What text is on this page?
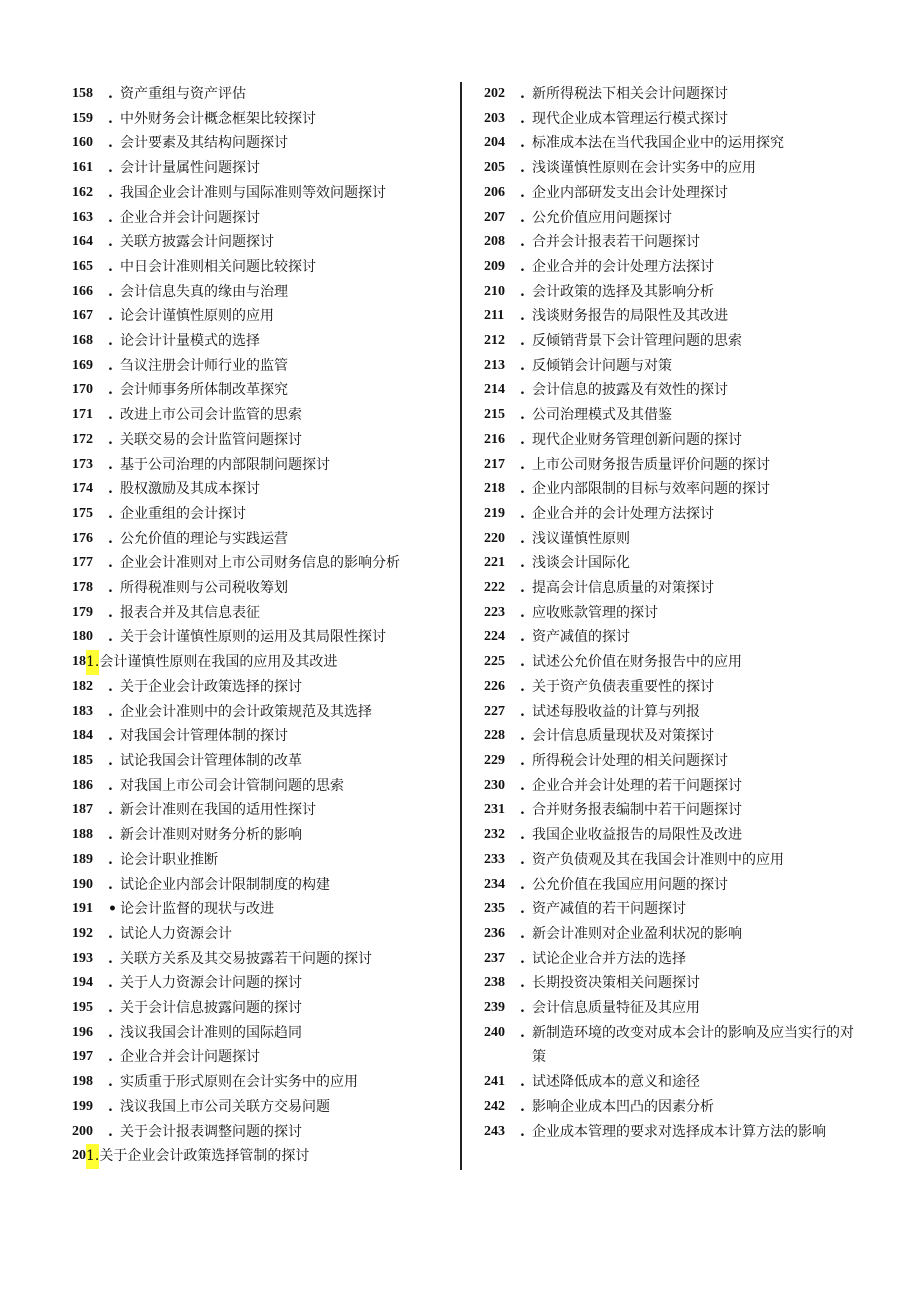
158	. 资产重组与资产评估
159	. 中外财务会计概念框架比较探讨
160	. 会计要素及其结构问题探讨
161	. 会计计量属性问题探讨
162	. 我国企业会计准则与国际准则等效问题探讨
163	. 企业合并会计问题探讨
164	. 关联方披露会计问题探讨
165	. 中日会计准则相关问题比较探讨
166	. 会计信息失真的缘由与治理
167	. 论会计谨慎性原则的应用
168	. 论会计计量模式的选择
169	. 刍议注册会计师行业的监管
170	. 会计师事务所体制改革探究
171	. 改进上市公司会计监管的思索
172	. 关联交易的会计监管问题探讨
173	. 基于公司治理的内部限制问题探讨
174	. 股权激励及其成本探讨
175	. 企业重组的会计探讨
176	. 公允价值的理论与实践运营
177	. 企业会计准则对上市公司财务信息的影响分析
178	. 所得税准则与公司税收筹划
179	. 报表合并及其信息表征
180	. 关于会计谨慎性原则的运用及其局限性探讨
18 1. 会计谨慎性原则在我国的应用及其改进
182	. 关于企业会计政策选择的探讨
183	. 企业会计准则中的会计政策规范及其选择
184	. 对我国会计管理体制的探讨
185	. 试论我国会计管理体制的改革
186	. 对我国上市公司会计管制问题的思索
187	. 新会计准则在我国的适用性探讨
188	. 新会计准则对财务分析的影响
189	. 论会计职业推断
190	. 试论企业内部会计限制制度的构建
191	• 论会计监督的现状与改进
192	. 试论人力资源会计
193	. 关联方关系及其交易披露若干问题的探讨
194	. 关于人力资源会计问题的探讨
195	. 关于会计信息披露问题的探讨
196	. 浅议我国会计准则的国际趋同
197	. 企业合并会计问题探讨
198	. 实质重于形式原则在会计实务中的应用
199	. 浅议我国上市公司关联方交易问题
200	. 关于会计报表调整问题的探讨
20 1. 关于企业会计政策选择管制的探讨
202	. 新所得税法下相关会计问题探讨
203	. 现代企业成本管理运行模式探讨
204	. 标准成本法在当代我国企业中的运用探究
205	. 浅谈谨慎性原则在会计实务中的应用
206	. 企业内部研发支出会计处理探讨
207	. 公允价值应用问题探讨
208	. 合并会计报表若干问题探讨
209	. 企业合并的会计处理方法探讨
210	. 会计政策的选择及其影响分析
211	. 浅谈财务报告的局限性及其改进
212	. 反倾销背景下会计管理问题的思索
213	. 反倾销会计问题与对策
214	. 会计信息的披露及有效性的探讨
215	. 公司治理模式及其借鉴
216	. 现代企业财务管理创新问题的探讨
217	. 上市公司财务报告质量评价问题的探讨
218	. 企业内部限制的目标与效率问题的探讨
219	. 企业合并的会计处理方法探讨
220	. 浅议谨慎性原则
221	. 浅谈会计国际化
222	. 提高会计信息质量的对策探讨
223	. 应收账款管理的探讨
224	. 资产减值的探讨
225	. 试述公允价值在财务报告中的应用
226	. 关于资产负债表重要性的探讨
227	. 试述每股收益的计算与列报
228	. 会计信息质量现状及对策探讨
229	. 所得税会计处理的相关问题探讨
230	. 企业合并会计处理的若干问题探讨
231	. 合并财务报表编制中若干问题探讨
232	. 我国企业收益报告的局限性及改进
233	. 资产负债观及其在我国会计准则中的应用
234	. 公允价值在我国应用问题的探讨
235	. 资产减值的若干问题探讨
236	. 新会计准则对企业盈利状况的影响
237	. 试论企业合并方法的选择
238	. 长期投资决策相关问题探讨
239	. 会计信息质量特征及其应用
240	. 新制造环境的改变对成本会计的影响及应当实行的对策
241	. 试述降低成本的意义和途径
242	. 影响企业成本凹凸的因素分析
243	. 企业成本管理的要求对选择成本计算方法的影响
